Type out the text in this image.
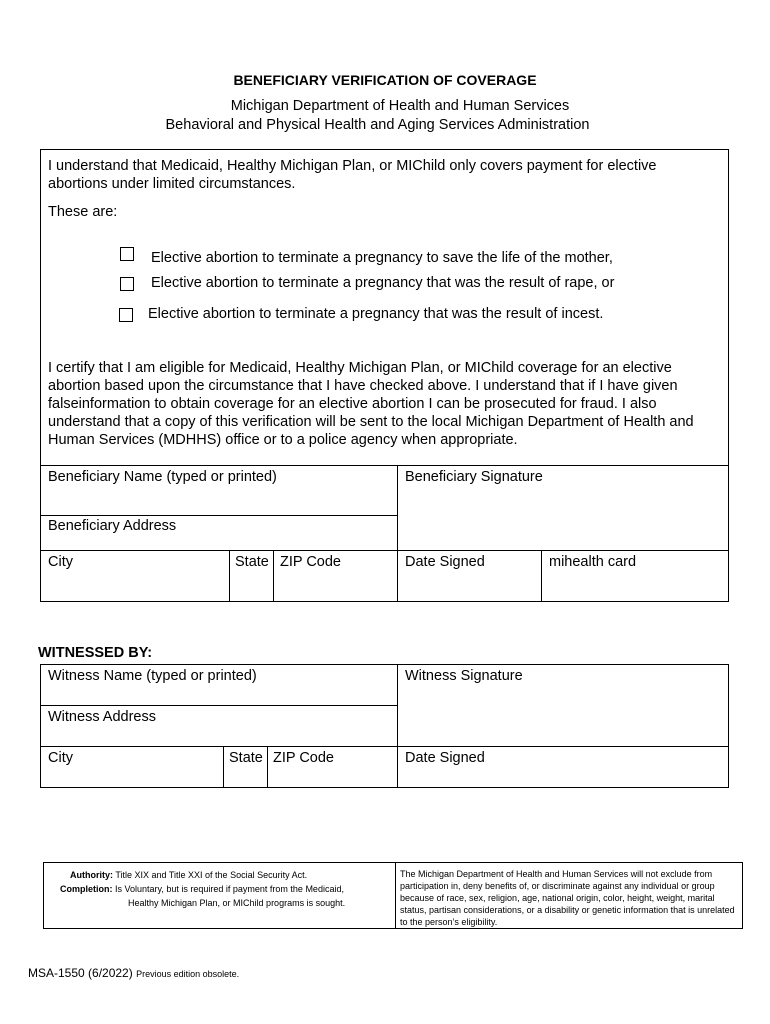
BENEFICIARY VERIFICATION OF COVERAGE
Michigan Department of Health and Human Services
Behavioral and Physical Health and Aging Services Administration
I understand that Medicaid, Healthy Michigan Plan, or MIChild only covers payment for elective abortions under limited circumstances.
These are:
Elective abortion to terminate a pregnancy to save the life of the mother,
Elective abortion to terminate a pregnancy that was the result of rape, or
Elective abortion to terminate a pregnancy that was the result of incest.
I certify that I am eligible for Medicaid, Healthy Michigan Plan, or MIChild coverage for an elective abortion based upon the circumstance that I have checked above. I understand that if I have given falseinformation to obtain coverage for an elective abortion I can be prosecuted for fraud. I also understand that a copy of this verification will be sent to the local Michigan Department of Health and Human Services (MDHHS) office or to a police agency when appropriate.
Beneficiary Name (typed or printed)	Beneficiary Signature
Beneficiary Address
City	State ZIP Code	Date Signed	mihealth card
WITNESSED BY:
Witness Name (typed or printed)	Witness Signature
Witness Address
City	State ZIP Code	Date Signed
Authority: Title XIX and Title XXI of the Social Security Act.
Completion: Is Voluntary, but is required if payment from the Medicaid,
Healthy Michigan Plan, or MIChild programs is sought.
The Michigan Department of Health and Human Services will not exclude from participation in, deny benefits of, or discriminate against any individual or group because of race, sex, religion, age, national origin, color, height, weight, marital status, partisan considerations, or a disability or genetic information that is unrelated to the person’s eligibility.
MSA-1550 (6/2022) Previous edition obsolete.
